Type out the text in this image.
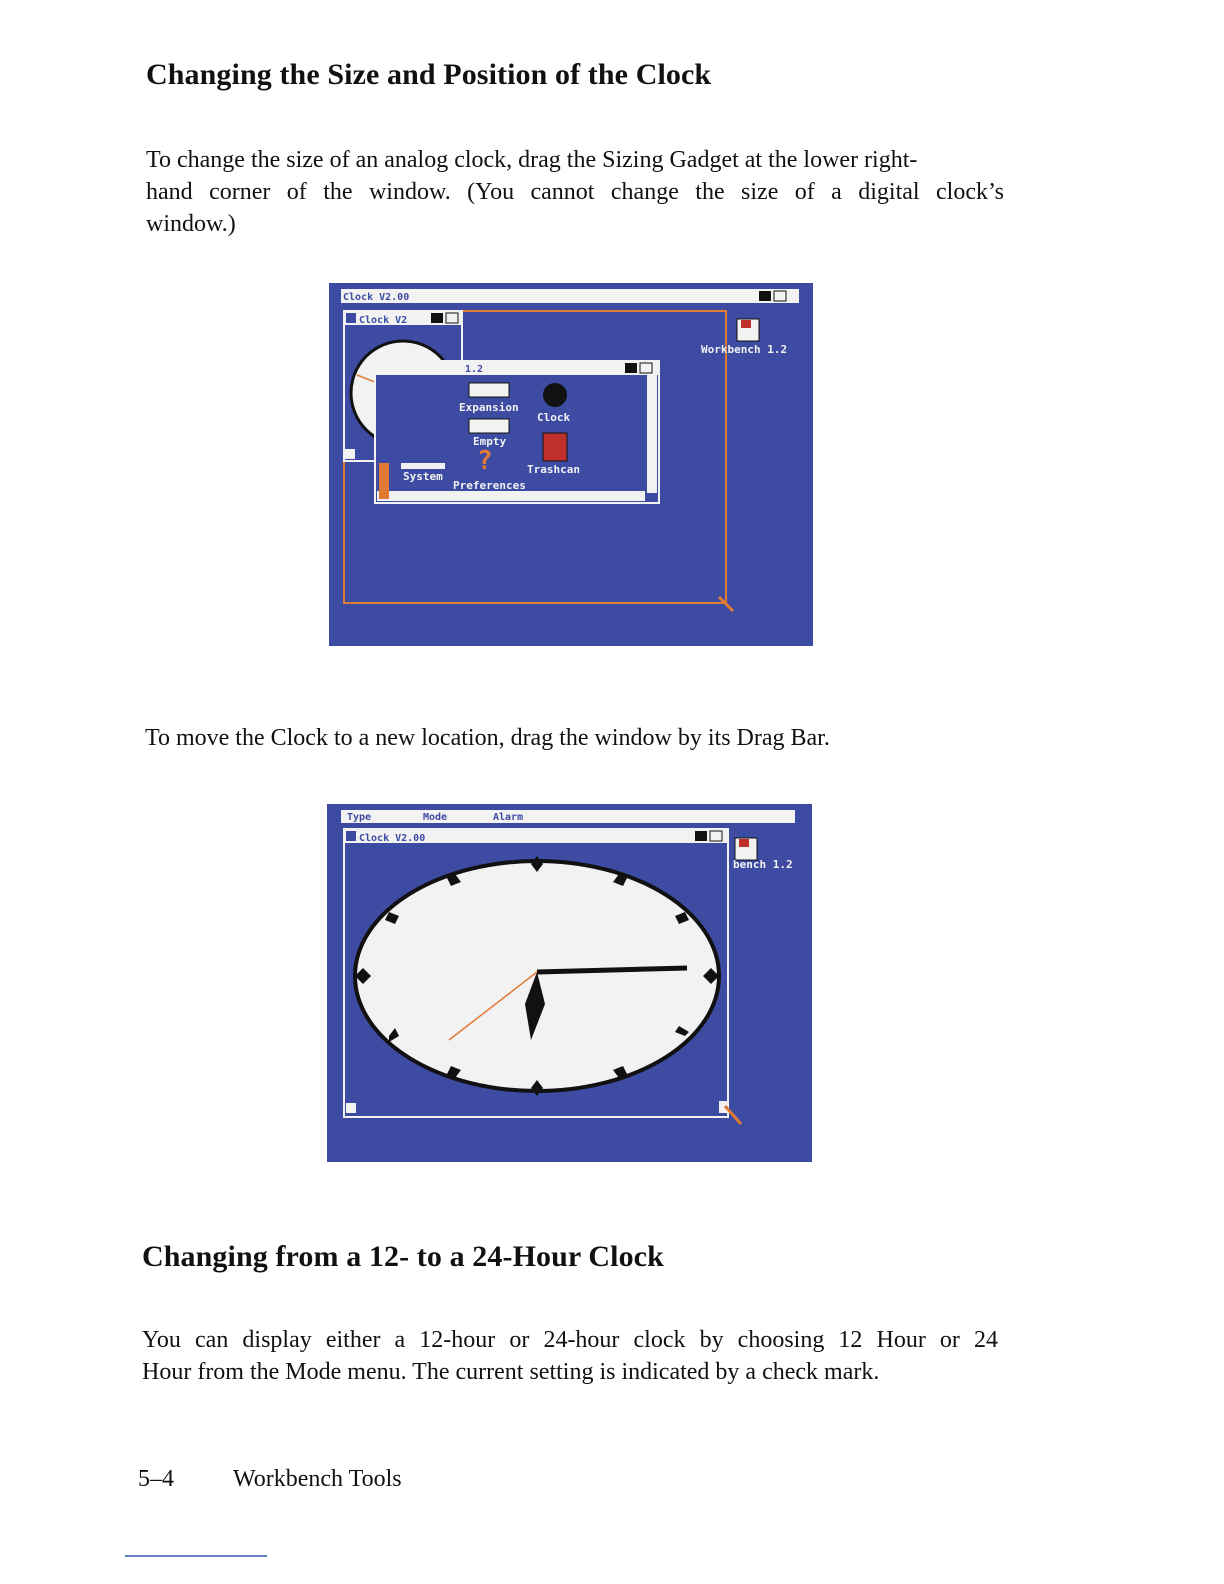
Changing the Size and Position of the Clock
To change the size of an analog clock, drag the Sizing Gadget at the lower right-
hand corner of the window. (You cannot change the size of a digital clock’s
window.)
Clock V2.00
Clock V2
Workbench 1.2
1.2
Expansion
Clock
Empty
Trashcan
System
?
Preferences
To move the Clock to a new location, drag the window by its Drag Bar.
Type	Mode	Alarm
Clock V2.00
bench 1.2
Changing from a 12- to a 24-Hour Clock
You can display either a 12-hour or 24-hour clock by choosing 12 Hour or 24
Hour from the Mode menu. The current setting is indicated by a check mark.
5–4 Workbench Tools
